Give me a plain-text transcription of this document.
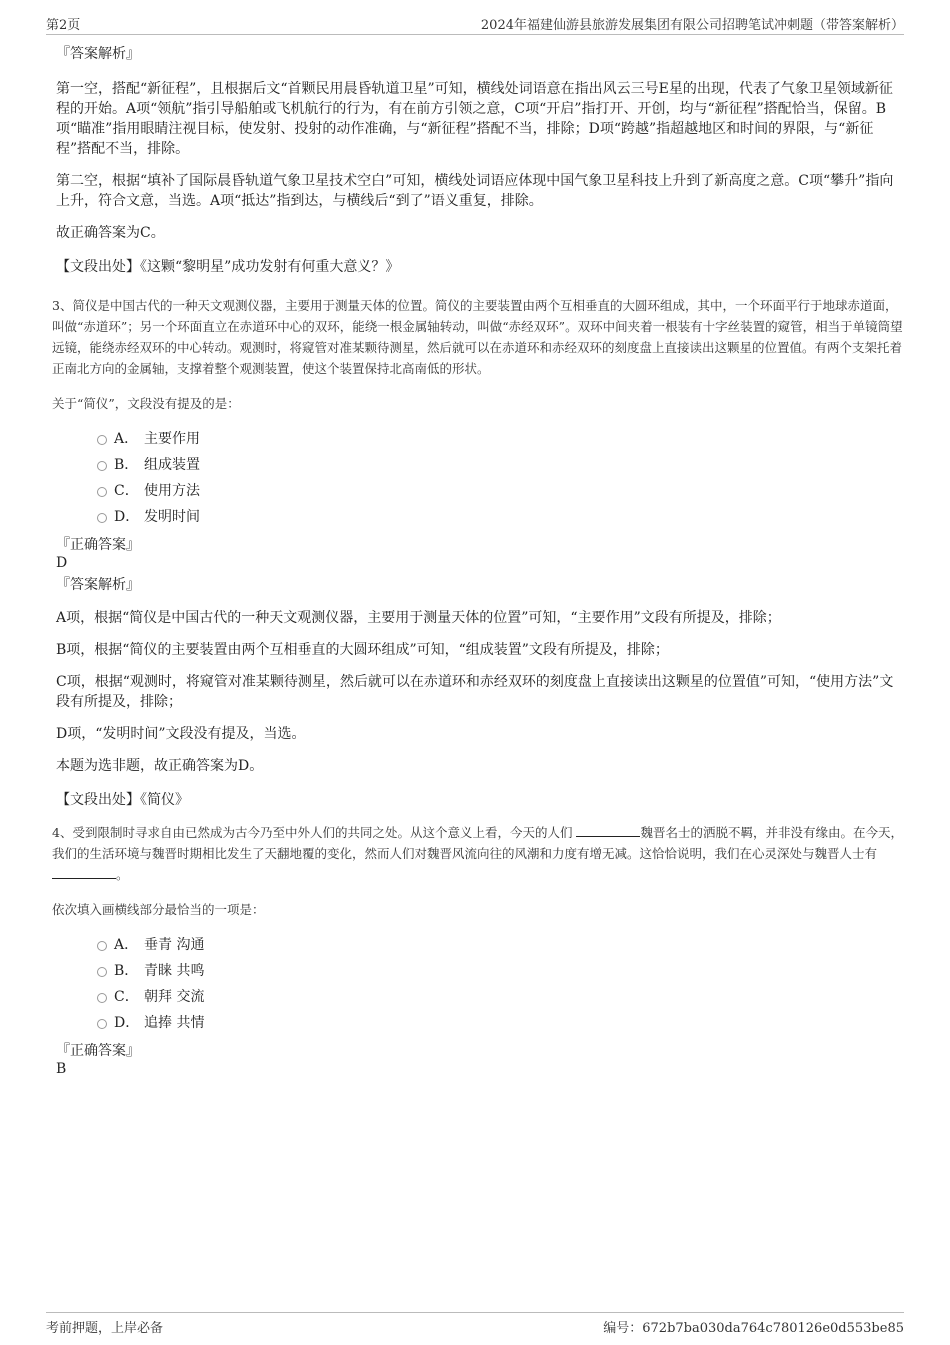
第2页	2024年福建仙游县旅游发展集团有限公司招聘笔试冲刺题（带答案解析）
『答案解析』

第一空，搭配“新征程”，且根据后文“首颗民用晨昏轨道卫星”可知，横线处词语意在指出风云三号E星的出现，代表了气象卫星领域新征程的开始。A项“领航”指引导船舶或飞机航行的行为，有在前方引领之意，C项“开启”指打开、开创，均与“新征程”搭配恰当，保留。B项“瞄准”指用眼睛注视目标，使发射、投射的动作准确，与“新征程”搭配不当，排除；D项“跨越”指超越地区和时间的界限，与“新征程”搭配不当，排除。

第二空，根据“填补了国际晨昏轨道气象卫星技术空白”可知，横线处词语应体现中国气象卫星科技上升到了新高度之意。C项“攀升”指向上升，符合文意，当选。A项“抵达”指到达，与横线后“到了”语义重复，排除。

故正确答案为C。

【文段出处】《这颗“黎明星”成功发射有何重大意义？》

3、简仪是中国古代的一种天文观测仪器，主要用于测量天体的位置。简仪的主要装置由两个互相垂直的大圆环组成，其中，一个环面平行于地球赤道面，叫做“赤道环”；另一个环面直立在赤道环中心的双环，能绕一根金属轴转动，叫做“赤经双环”。双环中间夹着一根装有十字丝装置的窥管，相当于单镜筒望远镜，能绕赤经双环的中心转动。观测时，将窥管对准某颗待测星，然后就可以在赤道环和赤经双环的刻度盘上直接读出这颗星的位置值。有两个支架托着正南北方向的金属轴，支撑着整个观测装置，使这个装置保持北高南低的形状。

关于“简仪”，文段没有提及的是：

A． 主要作用
B． 组成装置
C． 使用方法
D． 发明时间
『正确答案』
D
『答案解析』

A项，根据“简仪是中国古代的一种天文观测仪器，主要用于测量天体的位置”可知，“主要作用”文段有所提及，排除；

B项，根据“简仪的主要装置由两个互相垂直的大圆环组成”可知，“组成装置”文段有所提及，排除；

C项，根据“观测时，将窥管对准某颗待测星，然后就可以在赤道环和赤经双环的刻度盘上直接读出这颗星的位置值”可知，“使用方法”文段有所提及，排除；

D项，“发明时间”文段没有提及，当选。

本题为选非题，故正确答案为D。

【文段出处】《简仪》

4、受到限制时寻求自由已然成为古今乃至中外人们的共同之处。从这个意义上看，今天的人们	魏晋名士的洒脱不羁，并非没有缘由。在今天，我们的生活环境与魏晋时期相比发生了天翻地覆的变化，然而人们对魏晋风流向往的风潮和力度有增无减。这恰恰说明，我们在心灵深处与魏晋人士有 。

依次填入画横线部分最恰当的一项是：

A． 垂青 沟通
B． 青睐 共鸣
C． 朝拜 交流
D． 追捧 共情
『正确答案』
B
考前押题，上岸必备	编号：672b7ba030da764c780126e0d553be85
